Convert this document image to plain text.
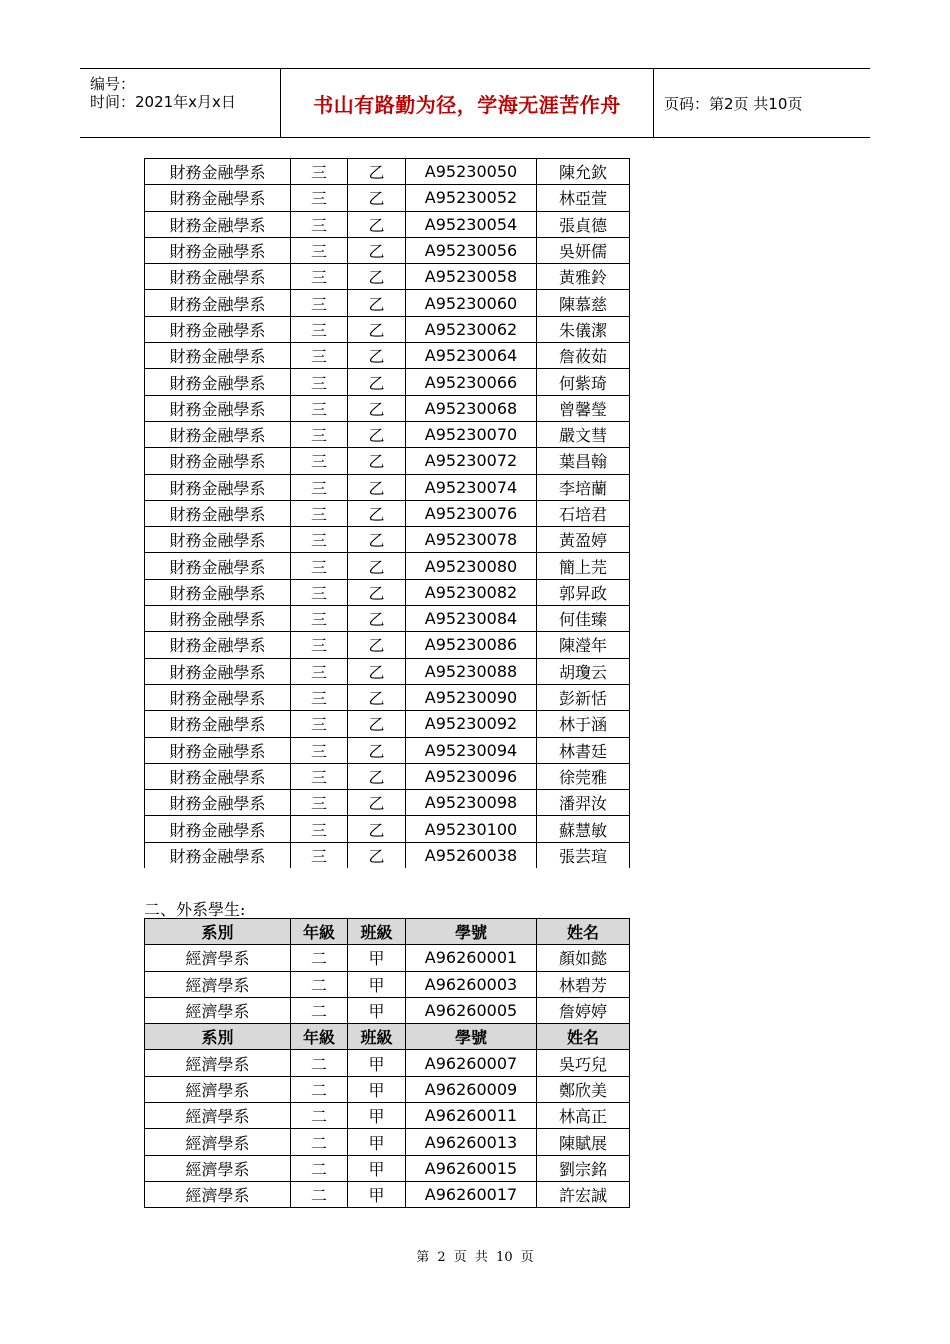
编号：
时间：2021年x月x日	书山有路勤为径，学海无涯苦作舟	页码：第2页 共10页
財務金融學系	三	乙	A95230050	陳允欽
財務金融學系	三	乙	A95230052	林亞萱
財務金融學系	三	乙	A95230054	張貞德
財務金融學系	三	乙	A95230056	吳妍儒
財務金融學系	三	乙	A95230058	黃雅鈴
財務金融學系	三	乙	A95230060	陳慕慈
財務金融學系	三	乙	A95230062	朱儀潔
財務金融學系	三	乙	A95230064	詹莜茹
財務金融學系	三	乙	A95230066	何紫琦
財務金融學系	三	乙	A95230068	曾馨瑩
財務金融學系	三	乙	A95230070	嚴文彗
財務金融學系	三	乙	A95230072	葉昌翰
財務金融學系	三	乙	A95230074	李培蘭
財務金融學系	三	乙	A95230076	石培君
財務金融學系	三	乙	A95230078	黃盈婷
財務金融學系	三	乙	A95230080	簡上芫
財務金融學系	三	乙	A95230082	郭昇政
財務金融學系	三	乙	A95230084	何佳臻
財務金融學系	三	乙	A95230086	陳瀅年
財務金融學系	三	乙	A95230088	胡瓊云
財務金融學系	三	乙	A95230090	彭新恬
財務金融學系	三	乙	A95230092	林于涵
財務金融學系	三	乙	A95230094	林書廷
財務金融學系	三	乙	A95230096	徐莞雅
財務金融學系	三	乙	A95230098	潘羿汝
財務金融學系	三	乙	A95230100	蘇慧敏
財務金融學系	三	乙	A95260038	張芸瑄
二、外系學生:
系別	年級	班級	學號	姓名
經濟學系	二	甲	A96260001	顏如懿
經濟學系	二	甲	A96260003	林碧芳
經濟學系	二	甲	A96260005	詹婷婷
系別	年級	班級	學號	姓名
經濟學系	二	甲	A96260007	吳巧兒
經濟學系	二	甲	A96260009	鄭欣美
經濟學系	二	甲	A96260011	林高正
經濟學系	二	甲	A96260013	陳賦展
經濟學系	二	甲	A96260015	劉宗銘
經濟學系	二	甲	A96260017	許宏誠
第 2 页 共 10 页
